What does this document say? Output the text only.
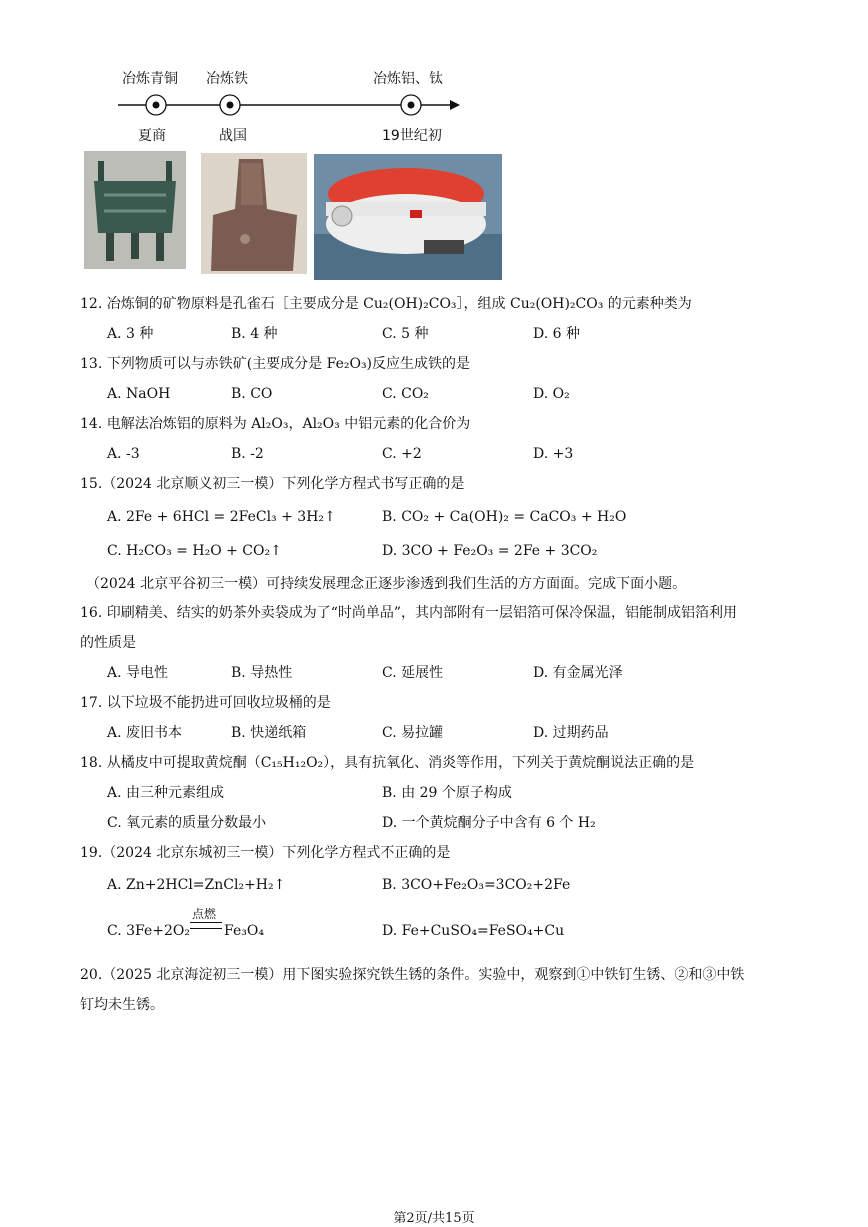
冶炼青铜 冶炼铁	冶炼铝、钛
夏商	战国	19世纪初
12. 冶炼铜的矿物原料是孔雀石［主要成分是 Cu₂(OH)₂CO₃］，组成 Cu₂(OH)₂CO₃ 的元素种类为
A. 3 种	B. 4 种	C. 5 种	D. 6 种
13. 下列物质可以与赤铁矿(主要成分是 Fe₂O₃)反应生成铁的是
A. NaOH	B. CO	C. CO₂	D. O₂
14. 电解法冶炼铝的原料为 Al₂O₃，Al₂O₃ 中铝元素的化合价为
A. -3	B. -2	C. +2	D. +3
15.（2024 北京顺义初三一模）下列化学方程式书写正确的是
A. 2Fe + 6HCl = 2FeCl₃ + 3H₂↑	B. CO₂ + Ca(OH)₂ = CaCO₃ + H₂O
C. H₂CO₃ = H₂O + CO₂↑	D. 3CO + Fe₂O₃ = 2Fe + 3CO₂
（2024 北京平谷初三一模）可持续发展理念正逐步渗透到我们生活的方方面面。完成下面小题。
16. 印刷精美、结实的奶茶外卖袋成为了“时尚单品”，其内部附有一层铝箔可保冷保温，铝能制成铝箔利用
的性质是
A. 导电性	B. 导热性	C. 延展性	D. 有金属光泽
17. 以下垃圾不能扔进可回收垃圾桶的是
A. 废旧书本	B. 快递纸箱	C. 易拉罐	D. 过期药品
18. 从橘皮中可提取黄烷酮（C₁₅H₁₂O₂），具有抗氧化、消炎等作用，下列关于黄烷酮说法正确的是
A. 由三种元素组成	B. 由 29 个原子构成
C. 氧元素的质量分数最小	D. 一个黄烷酮分子中含有 6 个 H₂
19.（2024 北京东城初三一模）下列化学方程式不正确的是
A. Zn+2HCl=ZnCl₂+H₂↑	B. 3CO+Fe₂O₃=3CO₂+2Fe
C. 3Fe+2O₂
点燃
Fe₃O₄	D. Fe+CuSO₄=FeSO₄+Cu
20.（2025 北京海淀初三一模）用下图实验探究铁生锈的条件。实验中，观察到①中铁钉生锈、②和③中铁
钉均未生锈。
第2页/共15页
